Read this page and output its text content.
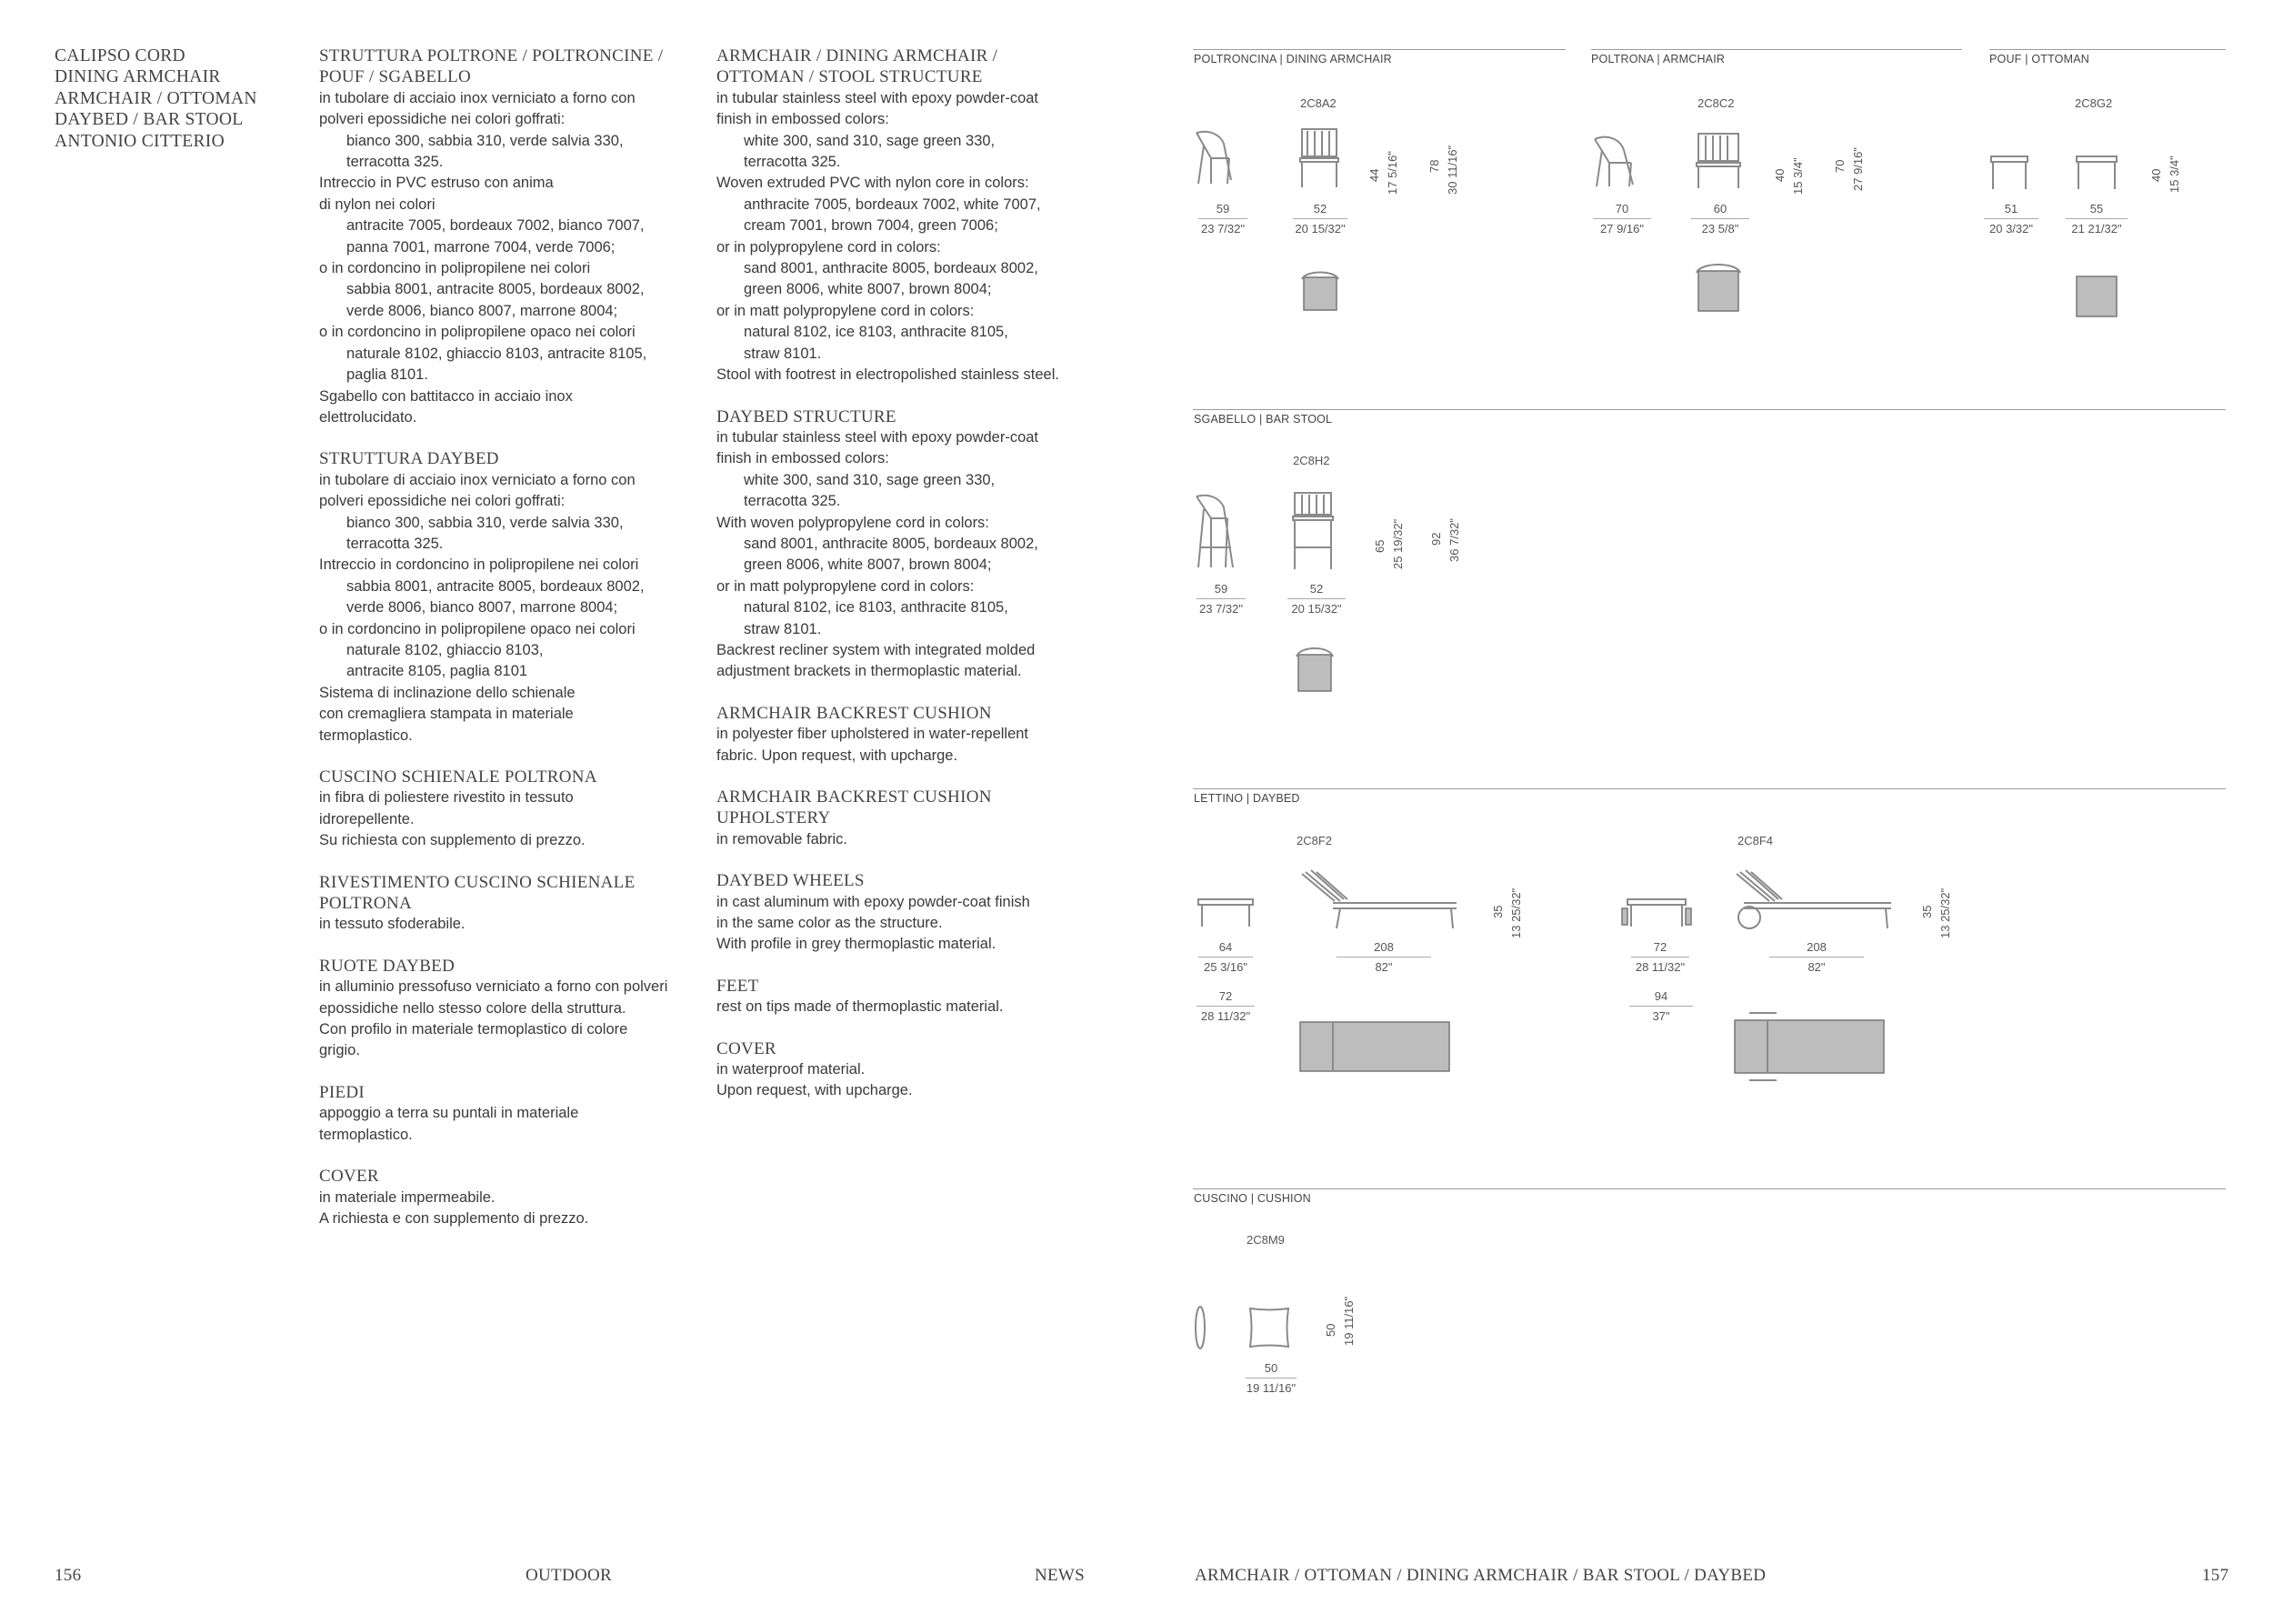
CALIPSO CORD
DINING ARMCHAIR
ARMCHAIR / OTTOMAN
DAYBED / BAR STOOL
ANTONIO CITTERIO
STRUTTURA POLTRONE / POLTRONCINE /
POUF / SGABELLO
in tubolare di acciaio inox verniciato a forno con
polveri epossidiche nei colori goffrati:
bianco 300, sabbia 310, verde salvia 330,
terracotta 325.
Intreccio in PVC estruso con anima
di nylon nei colori
antracite 7005, bordeaux 7002, bianco 7007,
panna 7001, marrone 7004, verde 7006;
o in cordoncino in polipropilene nei colori
sabbia 8001, antracite 8005, bordeaux 8002,
verde 8006, bianco 8007, marrone 8004;
o in cordoncino in polipropilene opaco nei colori
naturale 8102, ghiaccio 8103, antracite 8105,
paglia 8101.
Sgabello con battitacco in acciaio inox
elettrolucidato.
STRUTTURA DAYBED
in tubolare di acciaio inox verniciato a forno con
polveri epossidiche nei colori goffrati:
bianco 300, sabbia 310, verde salvia 330,
terracotta 325.
Intreccio in cordoncino in polipropilene nei colori
sabbia 8001, antracite 8005, bordeaux 8002,
verde 8006, bianco 8007, marrone 8004;
o in cordoncino in polipropilene opaco nei colori
naturale 8102, ghiaccio 8103,
antracite 8105, paglia 8101
Sistema di inclinazione dello schienale
con cremagliera stampata in materiale
termoplastico.
CUSCINO SCHIENALE POLTRONA
in fibra di poliestere rivestito in tessuto
idrorepellente.
Su richiesta con supplemento di prezzo.
RIVESTIMENTO CUSCINO SCHIENALE
POLTRONA
in tessuto sfoderabile.
RUOTE DAYBED
in alluminio pressofuso verniciato a forno con polveri
epossidiche nello stesso colore della struttura.
Con profilo in materiale termoplastico di colore
grigio.
PIEDI
appoggio a terra su puntali in materiale
termoplastico.
COVER
in materiale impermeabile.
A richiesta e con supplemento di prezzo.
ARMCHAIR / DINING ARMCHAIR /
OTTOMAN / STOOL STRUCTURE
in tubular stainless steel with epoxy powder-coat
finish in embossed colors:
white 300, sand 310, sage green 330,
terracotta 325.
Woven extruded PVC with nylon core in colors:
anthracite 7005, bordeaux 7002, white 7007,
cream 7001, brown 7004, green 7006;
or in polypropylene cord in colors:
sand 8001, anthracite 8005, bordeaux 8002,
green 8006, white 8007, brown 8004;
or in matt polypropylene cord in colors:
natural 8102, ice 8103, anthracite 8105,
straw 8101.
Stool with footrest in electropolished stainless steel.
DAYBED STRUCTURE
in tubular stainless steel with epoxy powder-coat
finish in embossed colors:
white 300, sand 310, sage green 330,
terracotta 325.
With woven polypropylene cord in colors:
sand 8001, anthracite 8005, bordeaux 8002,
green 8006, white 8007, brown 8004;
or in matt polypropylene cord in colors:
natural 8102, ice 8103, anthracite 8105,
straw 8101.
Backrest recliner system with integrated molded
adjustment brackets in thermoplastic material.
ARMCHAIR BACKREST CUSHION
in polyester fiber upholstered in water-repellent
fabric. Upon request, with upcharge.
ARMCHAIR BACKREST CUSHION
UPHOLSTERY
in removable fabric.
DAYBED WHEELS
in cast aluminum with epoxy powder-coat finish
in the same color as the structure.
With profile in grey thermoplastic material.
FEET
rest on tips made of thermoplastic material.
COVER
in waterproof material.
Upon request, with upcharge.
156	OUTDOOR	NEWS
POLTRONCINA | DINING ARMCHAIR	POLTRONA | ARMCHAIR	POUF | OTTOMAN
SGABELLO | BAR STOOL
LETTINO | DAYBED
CUSCINO | CUSHION
2C8A2	2C8C2	2C8G2
2C8H2
2C8F2	2C8F4
2C8M9
59
23 7/32"
52
20 15/32"
44 17 5/16" 78 30 11/16"
70
27 9/16"
60
23 5/8"
40 15 3/4" 70 27 9/16"
51
20 3/32"
55
21 21/32"
40 15 3/4"
59
23 7/32"
52
20 15/32"
65 25 19/32" 92 36 7/32"
64
25 3/16"
208
82"
35 13 25/32"
72
28 11/32"
72
28 11/32"
208
82"
35 13 25/32"
94
37"
50
19 11/16"
50 19 11/16"
ARMCHAIR / OTTOMAN / DINING ARMCHAIR / BAR STOOL / DAYBED	157
